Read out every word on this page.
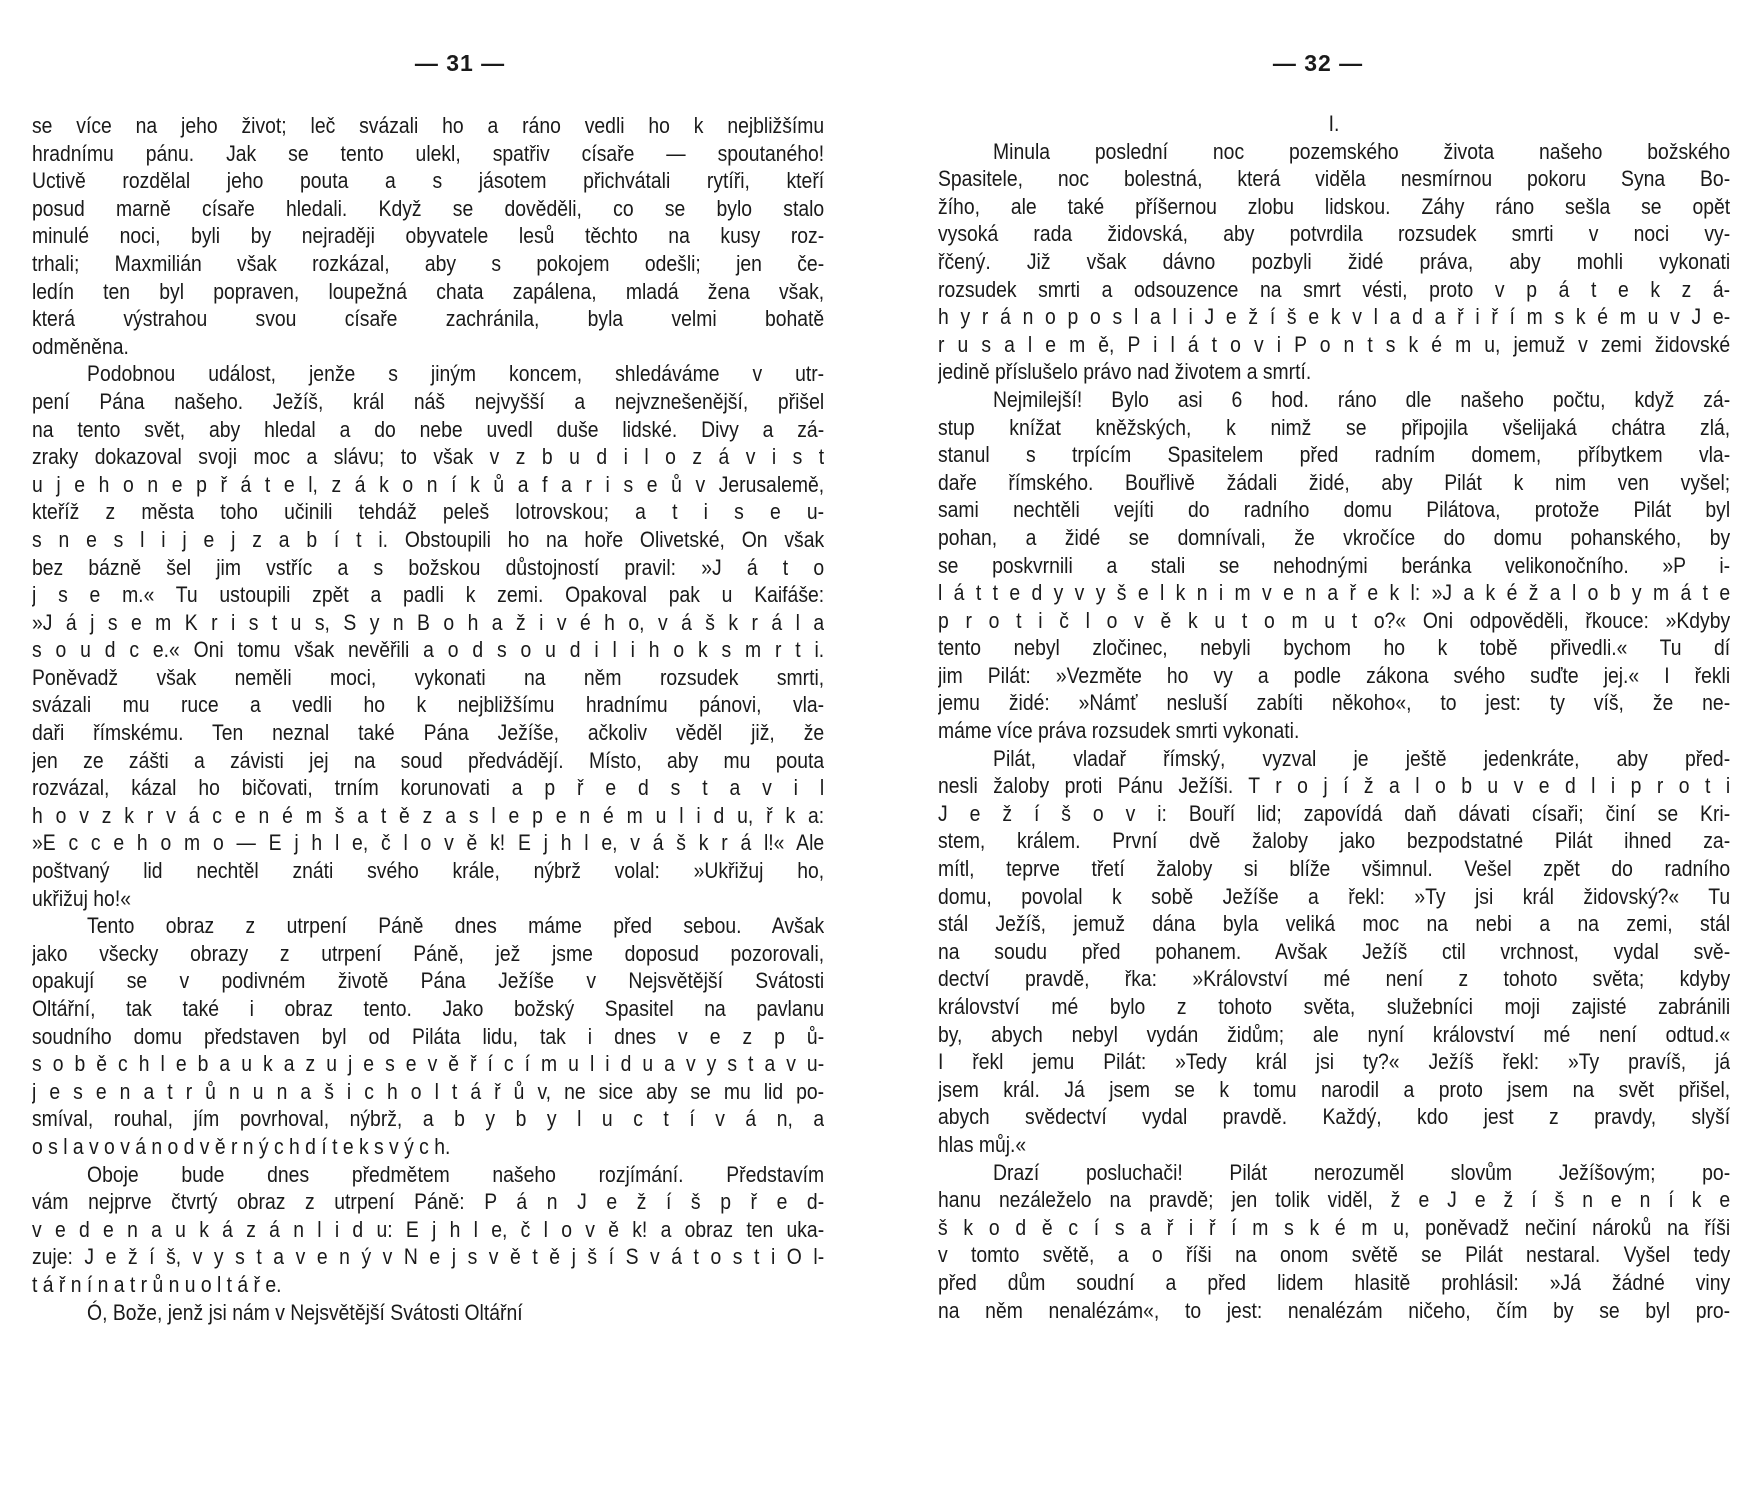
— 31 —
se více na jeho život; leč svázali ho a ráno vedli ho k nejbližšímu
hradnímu pánu. Jak se tento ulekl, spatřiv císaře — spoutaného!
Uctivě rozdělal jeho pouta a s jásotem přichvátali rytíři, kteří
posud marně císaře hledali. Když se dověděli, co se bylo stalo
minulé noci, byli by nejraději obyvatele lesů těchto na kusy roz-
trhali; Maxmilián však rozkázal, aby s pokojem odešli; jen če-
ledín ten byl popraven, loupežná chata zapálena, mladá žena však,
která výstrahou svou císaře zachránila, byla velmi bohatě
odměněna.
Podobnou událost, jenže s jiným koncem, shledáváme v utr-
pení Pána našeho. Ježíš, král náš nejvyšší a nejvznešenější, přišel
na tento svět, aby hledal a do nebe uvedl duše lidské. Divy a zá-
zraky dokazoval svoji moc a slávu; to však v z b u d i l o z á v i s t
u j e h o n e p ř á t e l, z á k o n í k ů a f a r i s e ů v Jerusalemě,
kteříž z města toho učinili tehdáž peleš lotrovskou; a t i s e u-
s n e s l i j e j z a b í t i. Obstoupili ho na hoře Olivetské, On však
bez bázně šel jim vstříc a s božskou důstojností pravil: »J á t o
j s e m.« Tu ustoupili zpět a padli k zemi. Opakoval pak u Kaifáše:
»J á j s e m K r i s t u s, S y n B o h a ž i v é h o, v á š k r á l a
s o u d c e.« Oni tomu však nevěřili a o d s o u d i l i h o k s m r t i.
Poněvadž však neměli moci, vykonati na něm rozsudek smrti,
svázali mu ruce a vedli ho k nejbližšímu hradnímu pánovi, vla-
daři římskému. Ten neznal také Pána Ježíše, ačkoliv věděl již, že
jen ze zášti a závisti jej na soud předvádějí. Místo, aby mu pouta
rozvázal, kázal ho bičovati, trním korunovati a p ř e d s t a v i l
h o v z k r v á c e n é m š a t ě z a s l e p e n é m u l i d u, ř k a:
»E c c e h o m o — E j h l e, č l o v ě k! E j h l e, v á š k r á l!« Ale
poštvaný lid nechtěl znáti svého krále, nýbrž volal: »Ukřižuj ho,
ukřižuj ho!«
Tento obraz z utrpení Páně dnes máme před sebou. Avšak
jako všecky obrazy z utrpení Páně, jež jsme doposud pozorovali,
opakují se v podivném životě Pána Ježíše v Nejsvětější Svátosti
Oltářní, tak také i obraz tento. Jako božský Spasitel na pavlanu
soudního domu představen byl od Piláta lidu, tak i dnes v e z p ů-
s o b ě c h l e b a u k a z u j e s e v ě ř í c í m u l i d u a v y s t a v u-
j e s e n a t r ů n u n a š i c h o l t á ř ů v, ne sice aby se mu lid po-
smíval, rouhal, jím povrhoval, nýbrž, a b y b y l u c t í v á n, a
o s l a v o v á n o d v ě r n ý c h d í t e k s v ý c h.
Oboje bude dnes předmětem našeho rozjímání. Představím
vám nejprve čtvrtý obraz z utrpení Páně: P á n J e ž í š p ř e d-
v e d e n a u k á z á n l i d u: E j h l e, č l o v ě k! a obraz ten uka-
zuje: J e ž í š, v y s t a v e n ý v N e j s v ě t ě j š í S v á t o s t i O l-
t á ř n í n a t r ů n u o l t á ř e.
Ó, Bože, jenž jsi nám v Nejsvětější Svátosti Oltářní
— 32 —
I.
Minula poslední noc pozemského života našeho božského
Spasitele, noc bolestná, která viděla nesmírnou pokoru Syna Bo-
žího, ale také příšernou zlobu lidskou. Záhy ráno sešla se opět
vysoká rada židovská, aby potvrdila rozsudek smrti v noci vy-
řčený. Již však dávno pozbyli židé práva, aby mohli vykonati
rozsudek smrti a odsouzence na smrt vésti, proto v p á t e k z á-
h y r á n o p o s l a l i J e ž í š e k v l a d a ř i ř í m s k é m u v J e-
r u s a l e m ě, P i l á t o v i P o n t s k é m u, jemuž v zemi židovské
jedině příslušelo právo nad životem a smrtí.
Nejmilejší! Bylo asi 6 hod. ráno dle našeho počtu, když zá-
stup knížat kněžských, k nimž se připojila všelijaká chátra zlá,
stanul s trpícím Spasitelem před radním domem, příbytkem vla-
daře římského. Bouřlivě žádali židé, aby Pilát k nim ven vyšel;
sami nechtěli vejíti do radního domu Pilátova, protože Pilát byl
pohan, a židé se domnívali, že vkročíce do domu pohanského, by
se poskvrnili a stali se nehodnými beránka velikonočního. »P i-
l á t t e d y v y š e l k n i m v e n a ř e k l: »J a k é ž a l o b y m á t e
p r o t i č l o v ě k u t o m u t o?« Oni odpověděli, řkouce: »Kdyby
tento nebyl zločinec, nebyli bychom ho k tobě přivedli.« Tu dí
jim Pilát: »Vezměte ho vy a podle zákona svého suďte jej.« I řekli
jemu židé: »Námť nesluší zabíti někoho«, to jest: ty víš, že ne-
máme více práva rozsudek smrti vykonati.
Pilát, vladař římský, vyzval je ještě jedenkráte, aby před-
nesli žaloby proti Pánu Ježíši. T r o j í ž a l o b u v e d l i p r o t i
J e ž í š o v i: Bouří lid; zapovídá daň dávati císaři; činí se Kri-
stem, králem. První dvě žaloby jako bezpodstatné Pilát ihned za-
mítl, teprve třetí žaloby si blíže všimnul. Vešel zpět do radního
domu, povolal k sobě Ježíše a řekl: »Ty jsi král židovský?« Tu
stál Ježíš, jemuž dána byla veliká moc na nebi a na zemi, stál
na soudu před pohanem. Avšak Ježíš ctil vrchnost, vydal svě-
dectví pravdě, řka: »Království mé není z tohoto světa; kdyby
království mé bylo z tohoto světa, služebníci moji zajisté zabránili
by, abych nebyl vydán židům; ale nyní království mé není odtud.«
I řekl jemu Pilát: »Tedy král jsi ty?« Ježíš řekl: »Ty pravíš, já
jsem král. Já jsem se k tomu narodil a proto jsem na svět přišel,
abych svědectví vydal pravdě. Každý, kdo jest z pravdy, slyší
hlas můj.«
Drazí posluchači! Pilát nerozuměl slovům Ježíšovým; po-
hanu nezáleželo na pravdě; jen tolik viděl, ž e J e ž í š n e n í k e
š k o d ě c í s a ř i ř í m s k é m u, poněvadž nečiní nároků na říši
v tomto světě, a o říši na onom světě se Pilát nestaral. Vyšel tedy
před dům soudní a před lidem hlasitě prohlásil: »Já žádné viny
na něm nenalézám«, to jest: nenalézám ničeho, čím by se byl pro-
